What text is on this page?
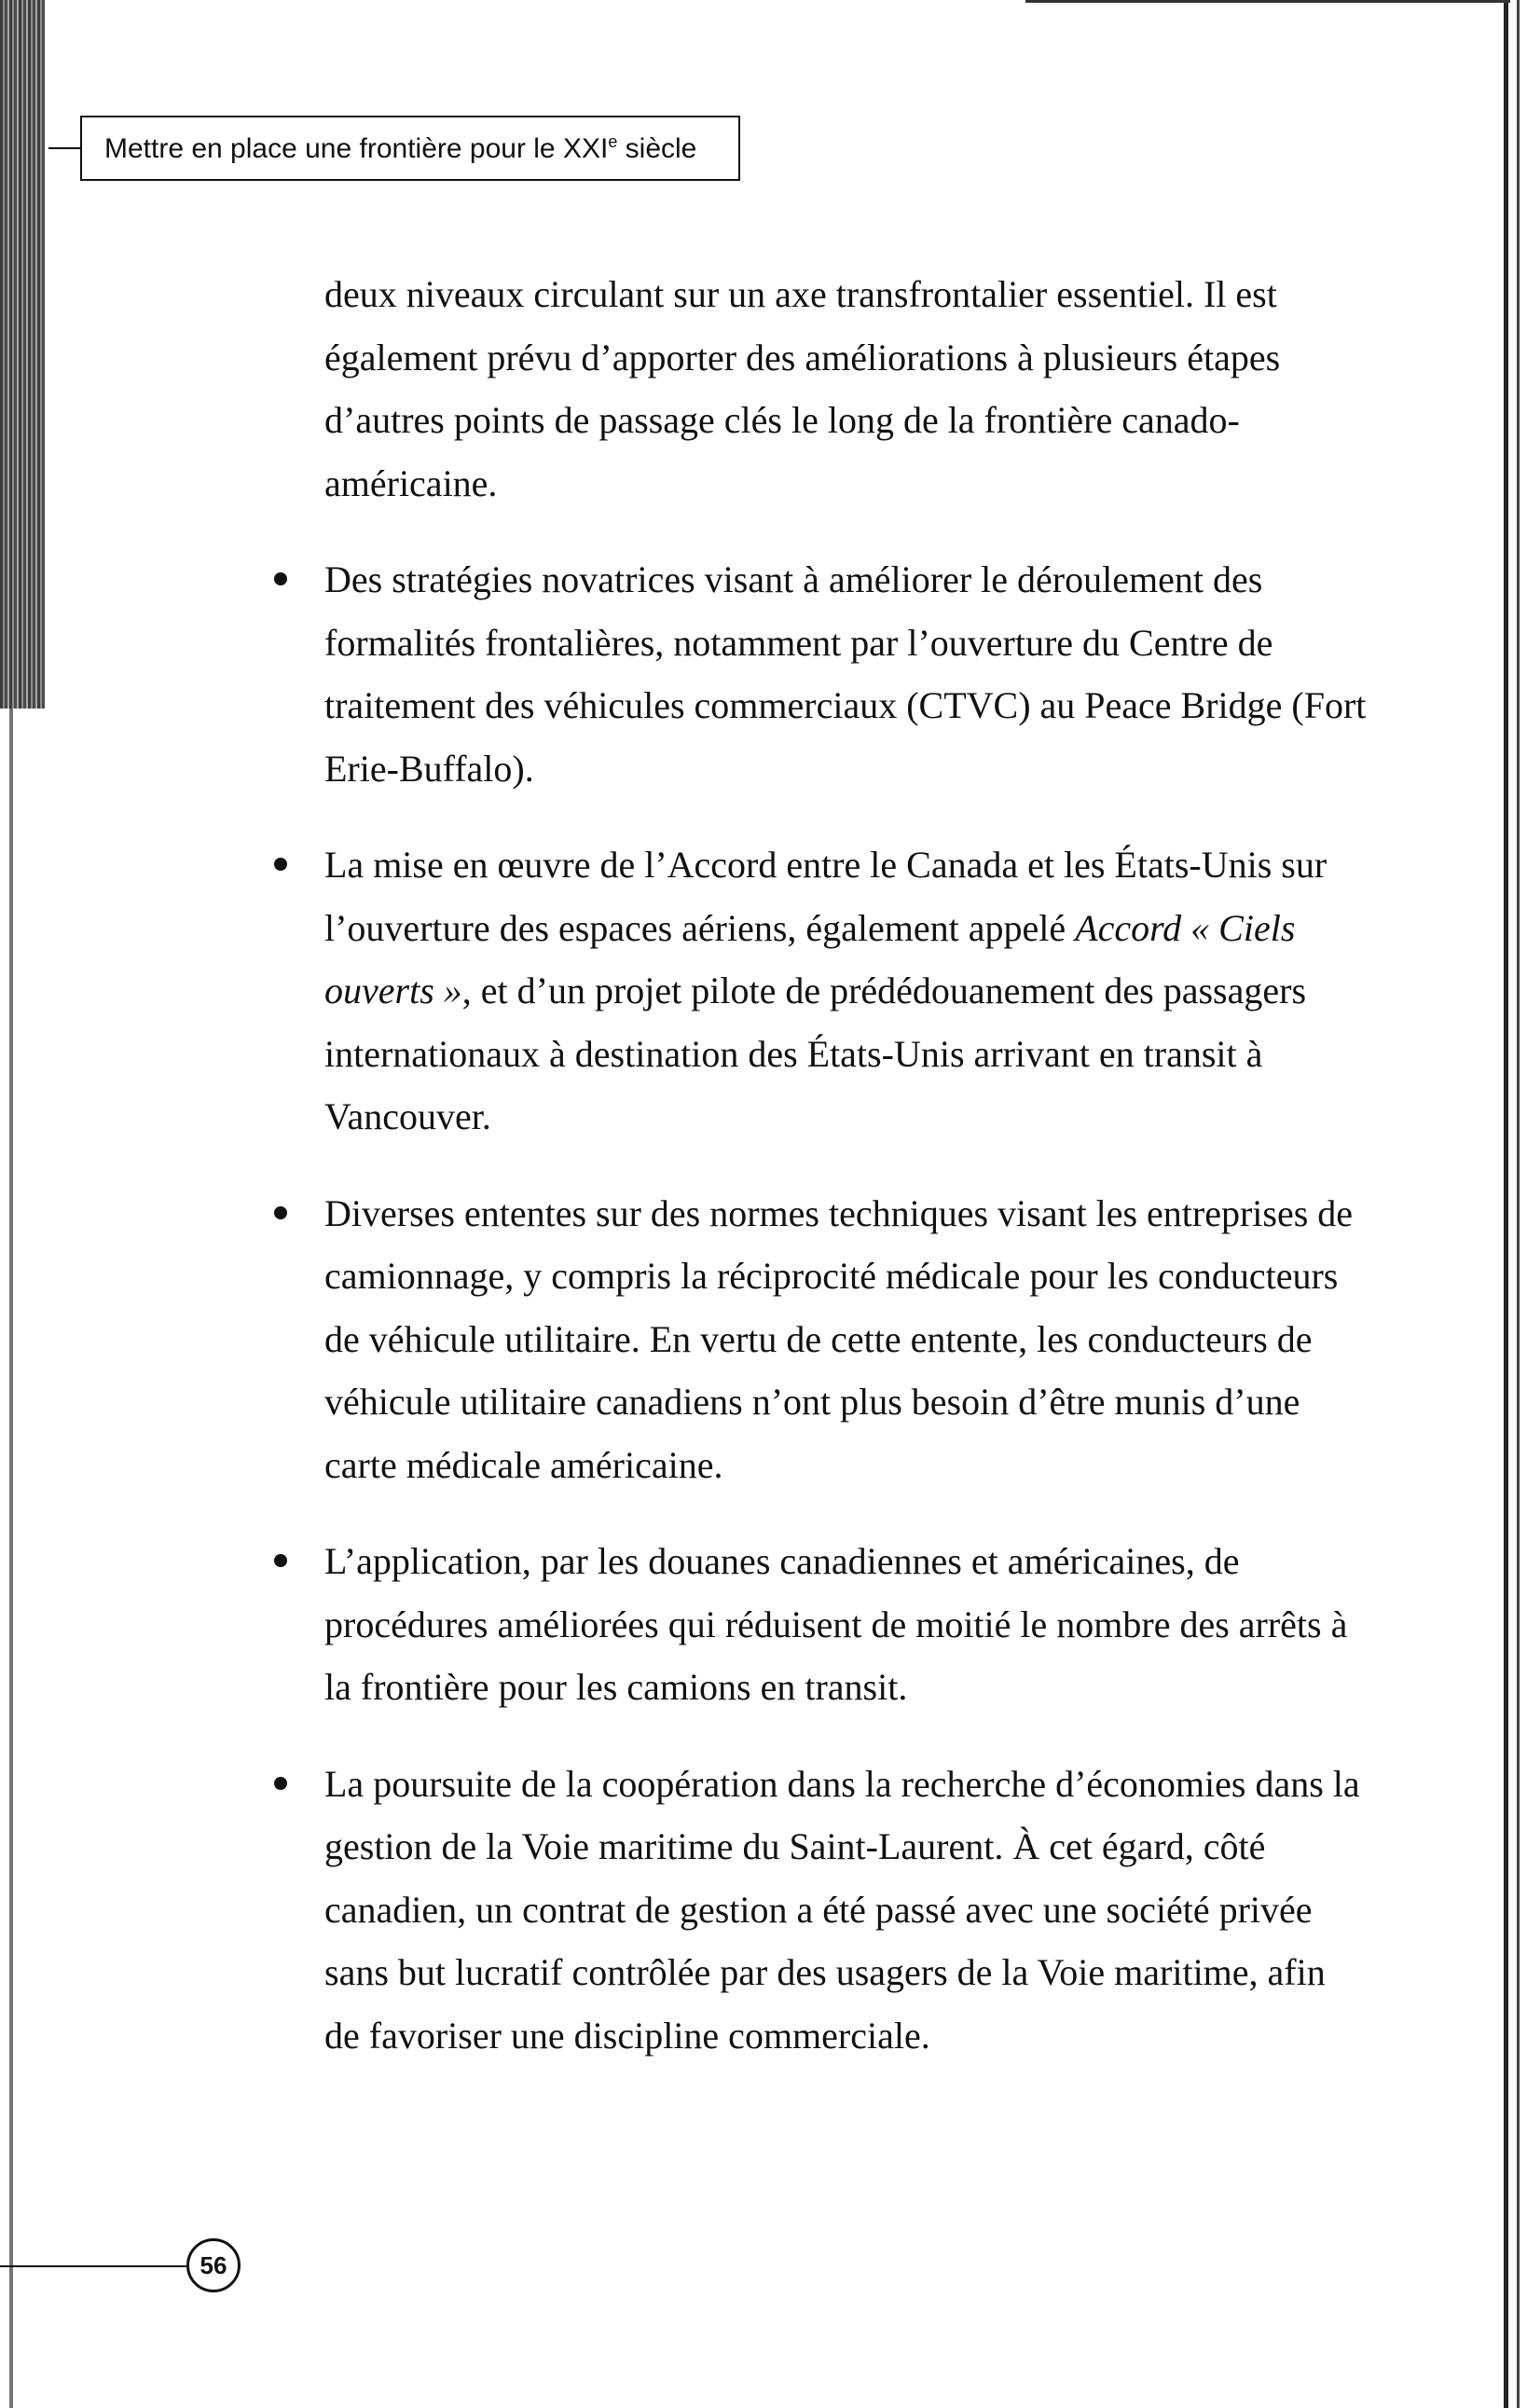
Mettre en place une frontière pour le XXIe siècle

deux niveaux circulant sur un axe transfrontalier essentiel. Il est également prévu d’apporter des améliorations à plusieurs étapes d’autres points de passage clés le long de la frontière canado-américaine.

Des stratégies novatrices visant à améliorer le déroulement des formalités frontalières, notamment par l’ouverture du Centre de traitement des véhicules commerciaux (CTVC) au Peace Bridge (Fort Erie-Buffalo).
La mise en œuvre de l’Accord entre le Canada et les États-Unis sur l’ouverture des espaces aériens, également appelé Accord « Ciels ouverts », et d’un projet pilote de prédédouanement des passagers internationaux à destination des États-Unis arrivant en transit à Vancouver.
Diverses ententes sur des normes techniques visant les entreprises de camionnage, y compris la réciprocité médicale pour les conducteurs de véhicule utilitaire. En vertu de cette entente, les conducteurs de véhicule utilitaire canadiens n’ont plus besoin d’être munis d’une carte médicale américaine.
L’application, par les douanes canadiennes et américaines, de procédures améliorées qui réduisent de moitié le nombre des arrêts à la frontière pour les camions en transit.
La poursuite de la coopération dans la recherche d’économies dans la gestion de la Voie maritime du Saint-Laurent. À cet égard, côté canadien, un contrat de gestion a été passé avec une société privée sans but lucratif contrôlée par des usagers de la Voie maritime, afin de favoriser une discipline commerciale.
56
